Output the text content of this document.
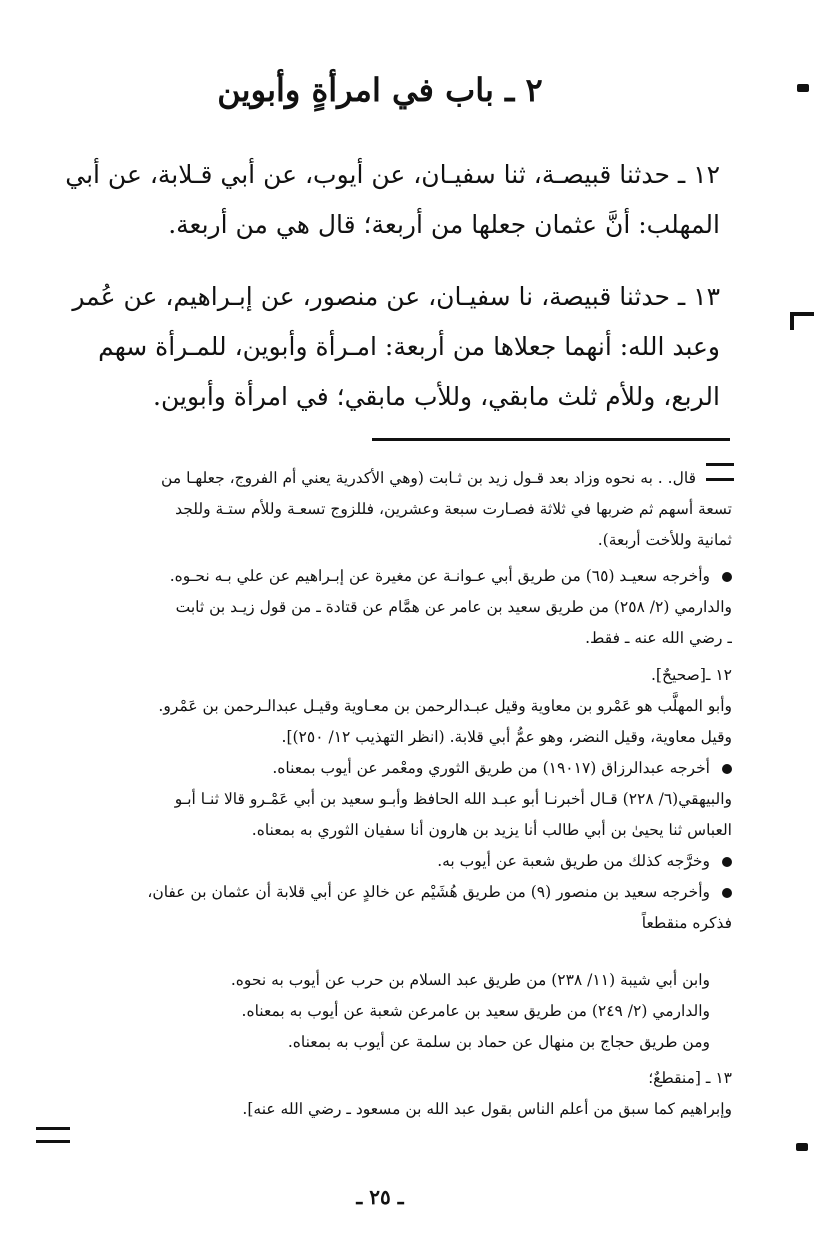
٢ ـ باب في امرأةٍ وأبوين
١٢ ـ حدثنا قبيصـة، ثنا سفيـان، عن أيوب، عن أبي قـلابة، عن أبي
المهلب: أنَّ عثمان جعلها من أربعة؛ قال هي من أربعة.
١٣ ـ حدثنا قبيصة، نا سفيـان، عن منصور، عن إبـراهيم، عن عُمر
وعبد الله: أنهما جعلاها من أربعة: امـرأة وأبوين، للمـرأة سهم
الربع، وللأم ثلث مابقي، وللأب مابقي؛ في امرأة وأبوين.
قال. . به نحوه وزاد بعد قـول زيد بن ثـابت (وهي الأكدرية يعني أم الفروج، جعلهـا من
تسعة أسهم ثم ضربها في ثلاثة فصـارت سبعة وعشرين، فللزوج تسعـة وللأم ستـة وللجد
ثمانية وللأخت أربعة).
وأخرجه سعيـد (٦٥) من طريق أبي عـوانـة عن مغيرة عن إبـراهيم عن علي بـه نحـوه.
والدارمي (٢/ ٢٥٨) من طريق سعيد بن عامر عن همَّام عن قتادة ـ من قول زيـد بن ثابت
ـ رضي الله عنه ـ فقط.
١٢ ـ[صحيحٌ].
وأبو المهلَّب هو عَمْرو بن معاوية وقيل عبـدالرحمن بن معـاوية وقيـل عبدالـرحمن بن عَمْرو.
وقيل معاوية، وقيل النضر، وهو عمُّ أبي قلابة. (انظر التهذيب ١٢/ ٢٥٠)].
أخرجه عبدالرزاق (١٩٠١٧) من طريق الثوري ومعْمر عن أيوب بمعناه.
والبيهقي(٦/ ٢٢٨) قـال أخبرنـا أبو عبـد الله الحافظ وأبـو سعيد بن أبي عَمْـرو قالا ثنـا أبـو
العباس ثنا يحيىٰ بن أبي طالب أنا يزيد بن هارون أنا سفيان الثوري به بمعناه.
وخرَّجه كذلك من طريق شعبة عن أيوب به.
وأخرجه سعيد بن منصور (٩) من طريق هُشَيْم عن خالدٍ عن أبي قلابة أن عثمان بن عفان،
فذكره منقطعاً
وابن أبي شيبة (١١/ ٢٣٨) من طريق عبد السلام بن حرب عن أيوب به نحوه.
والدارمي (٢/ ٢٤٩) من طريق سعيد بن عامرعن شعبة عن أيوب به بمعناه.
ومن طريق حجاج بن منهال عن حماد بن سلمة عن أيوب به بمعناه.
١٣ ـ [منقطعٌ؛
وإبراهيم كما سبق من أعلم الناس بقول عبد الله بن مسعود ـ رضي الله عنه].
ـ ٢٥ ـ
